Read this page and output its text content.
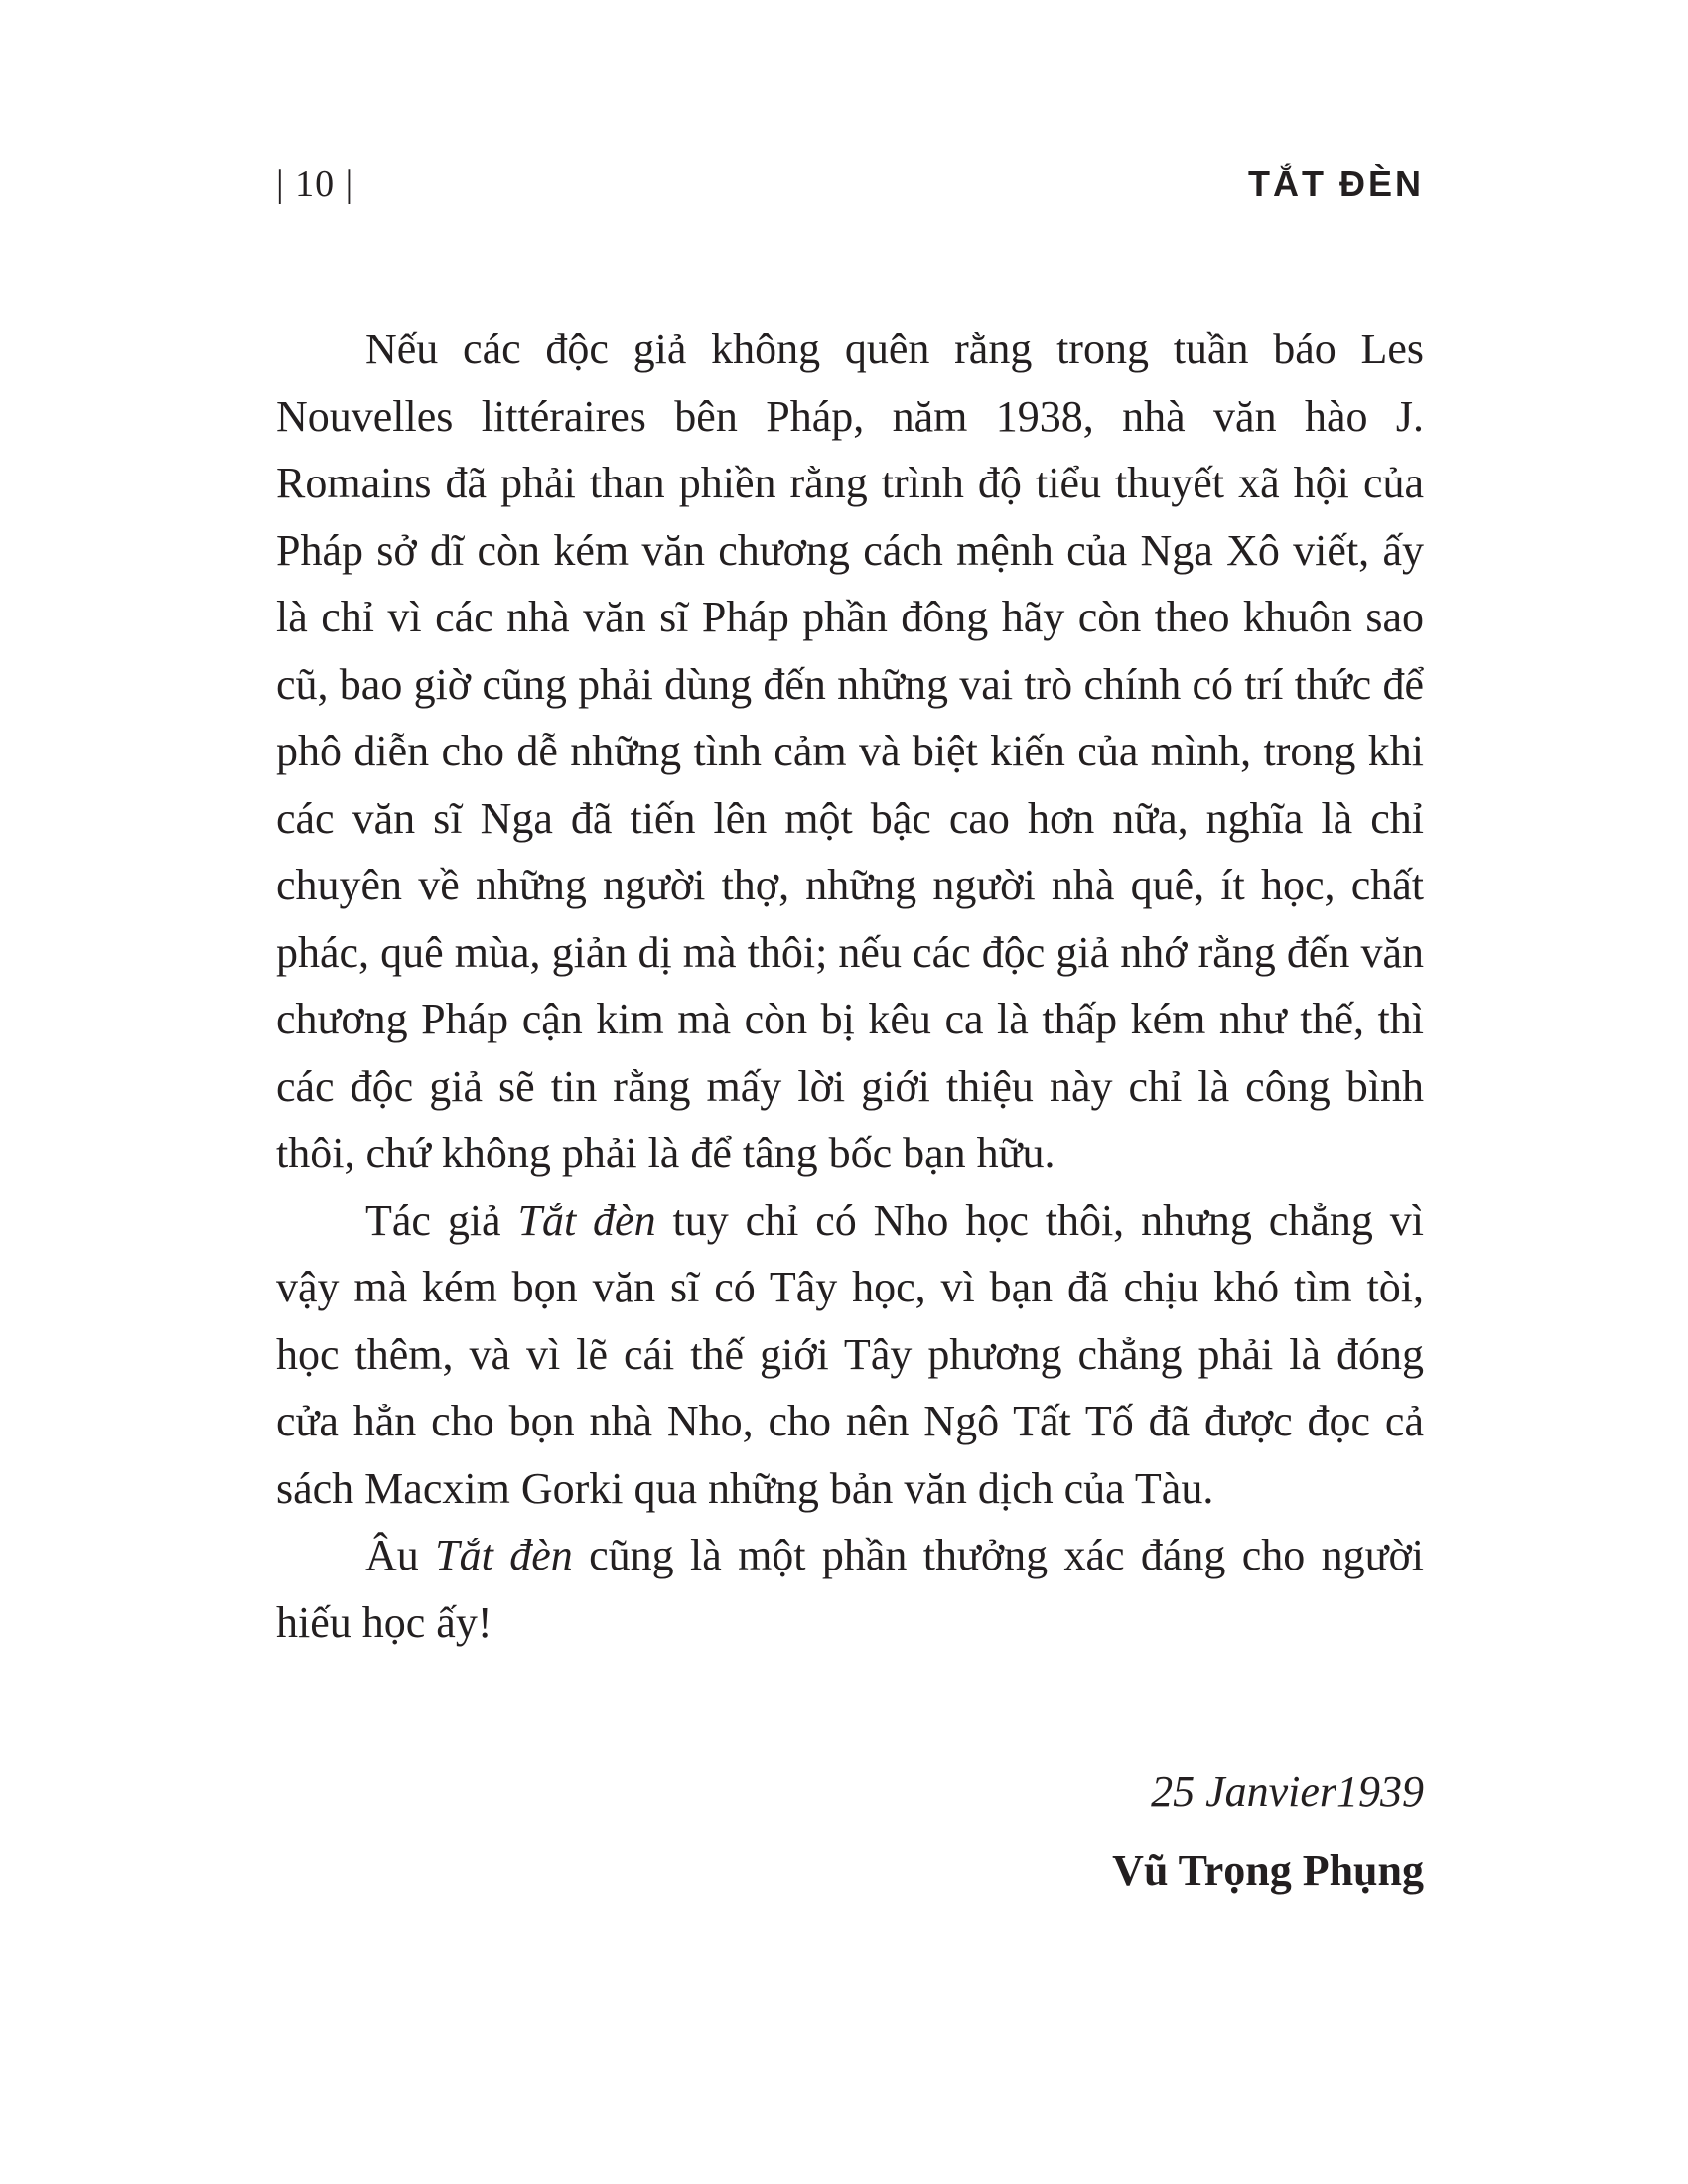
| 10 |	TẮT ĐÈN

Nếu các độc giả không quên rằng trong tuần báo Les Nouvelles littéraires bên Pháp, năm 1938, nhà văn hào J. Romains đã phải than phiền rằng trình độ tiểu thuyết xã hội của Pháp sở dĩ còn kém văn chương cách mệnh của Nga Xô viết, ấy là chỉ vì các nhà văn sĩ Pháp phần đông hãy còn theo khuôn sao cũ, bao giờ cũng phải dùng đến những vai trò chính có trí thức để phô diễn cho dễ những tình cảm và biệt kiến của mình, trong khi các văn sĩ Nga đã tiến lên một bậc cao hơn nữa, nghĩa là chỉ chuyên về những người thợ, những người nhà quê, ít học, chất phác, quê mùa, giản dị mà thôi; nếu các độc giả nhớ rằng đến văn chương Pháp cận kim mà còn bị kêu ca là thấp kém như thế, thì các độc giả sẽ tin rằng mấy lời giới thiệu này chỉ là công bình thôi, chứ không phải là để tâng bốc bạn hữu.

Tác giả Tắt đèn tuy chỉ có Nho học thôi, nhưng chẳng vì vậy mà kém bọn văn sĩ có Tây học, vì bạn đã chịu khó tìm tòi, học thêm, và vì lẽ cái thế giới Tây phương chẳng phải là đóng cửa hẳn cho bọn nhà Nho, cho nên Ngô Tất Tố đã được đọc cả sách Macxim Gorki qua những bản văn dịch của Tàu.

Âu Tắt đèn cũng là một phần thưởng xác đáng cho người hiếu học ấy!

25 Janvier1939
Vũ Trọng Phụng
